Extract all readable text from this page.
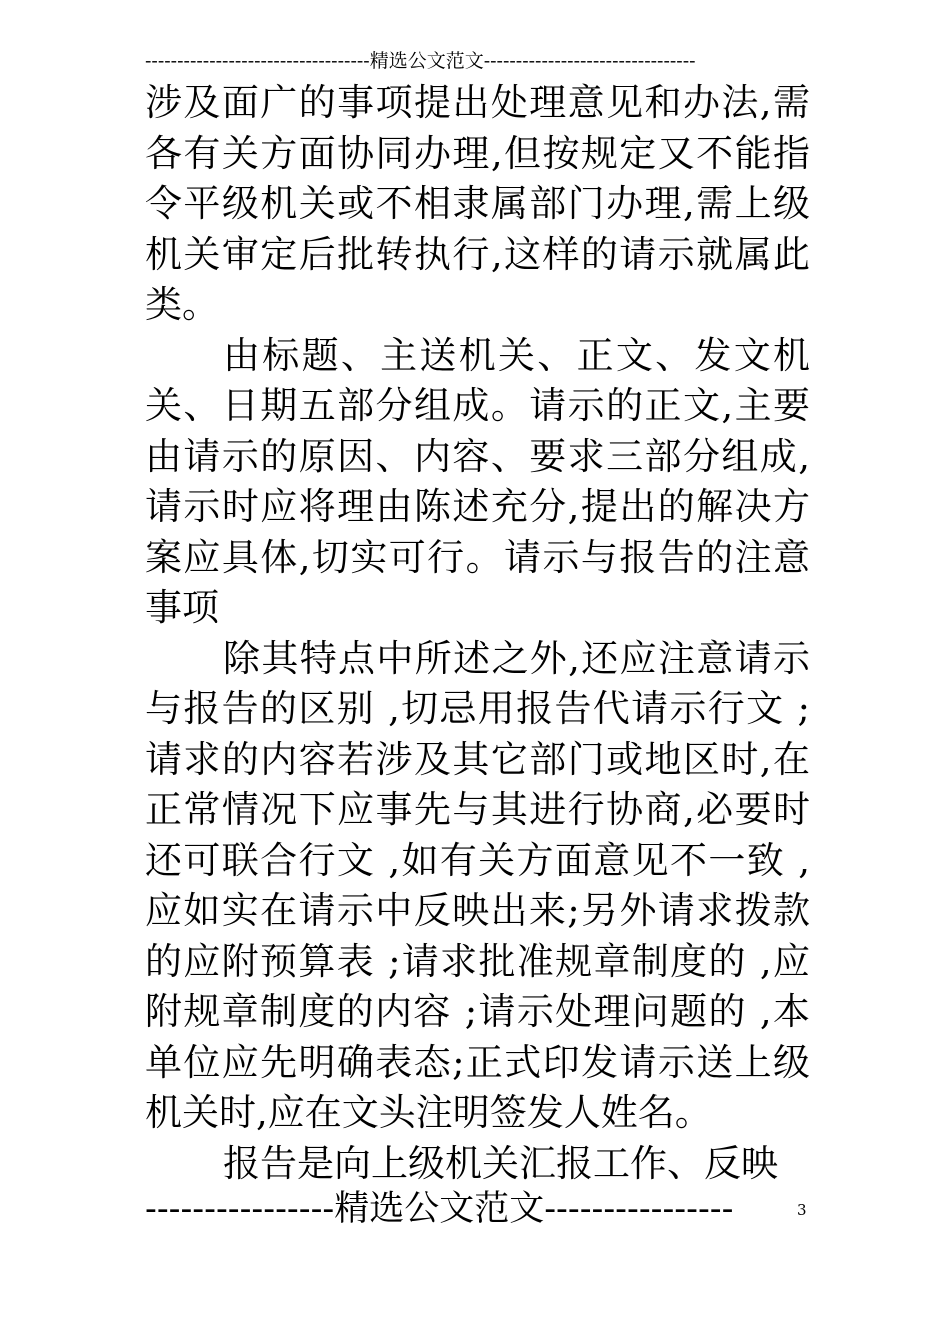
-----------------------------------精选公文范文---------------------------------
涉及面广的事项提出处理意见和办法,需
各有关方面协同办理,但按规定又不能指
令平级机关或不相隶属部门办理,需上级
机关审定后批转执行,这样的请示就属此
类。
由标题、主送机关、正文、发文机
关、日期五部分组成。请示的正文,主要
由请示的原因、内容、要求三部分组成,
请示时应将理由陈述充分,提出的解决方
案应具体,切实可行。请示与报告的注意
事项
除其特点中所述之外,还应注意请示
与报告的区别 ,切忌用报告代请示行文 ;
请求的内容若涉及其它部门或地区时,在
正常情况下应事先与其进行协商,必要时
还可联合行文 ,如有关方面意见不一致 ,
应如实在请示中反映出来;另外请求拨款
的应附预算表 ;请求批准规章制度的 ,应
附规章制度的内容 ;请示处理问题的 ,本
单位应先明确表态;正式印发请示送上级
机关时,应在文头注明签发人姓名。
报告是向上级机关汇报工作、反映
----------------精选公文范文----------------	3
